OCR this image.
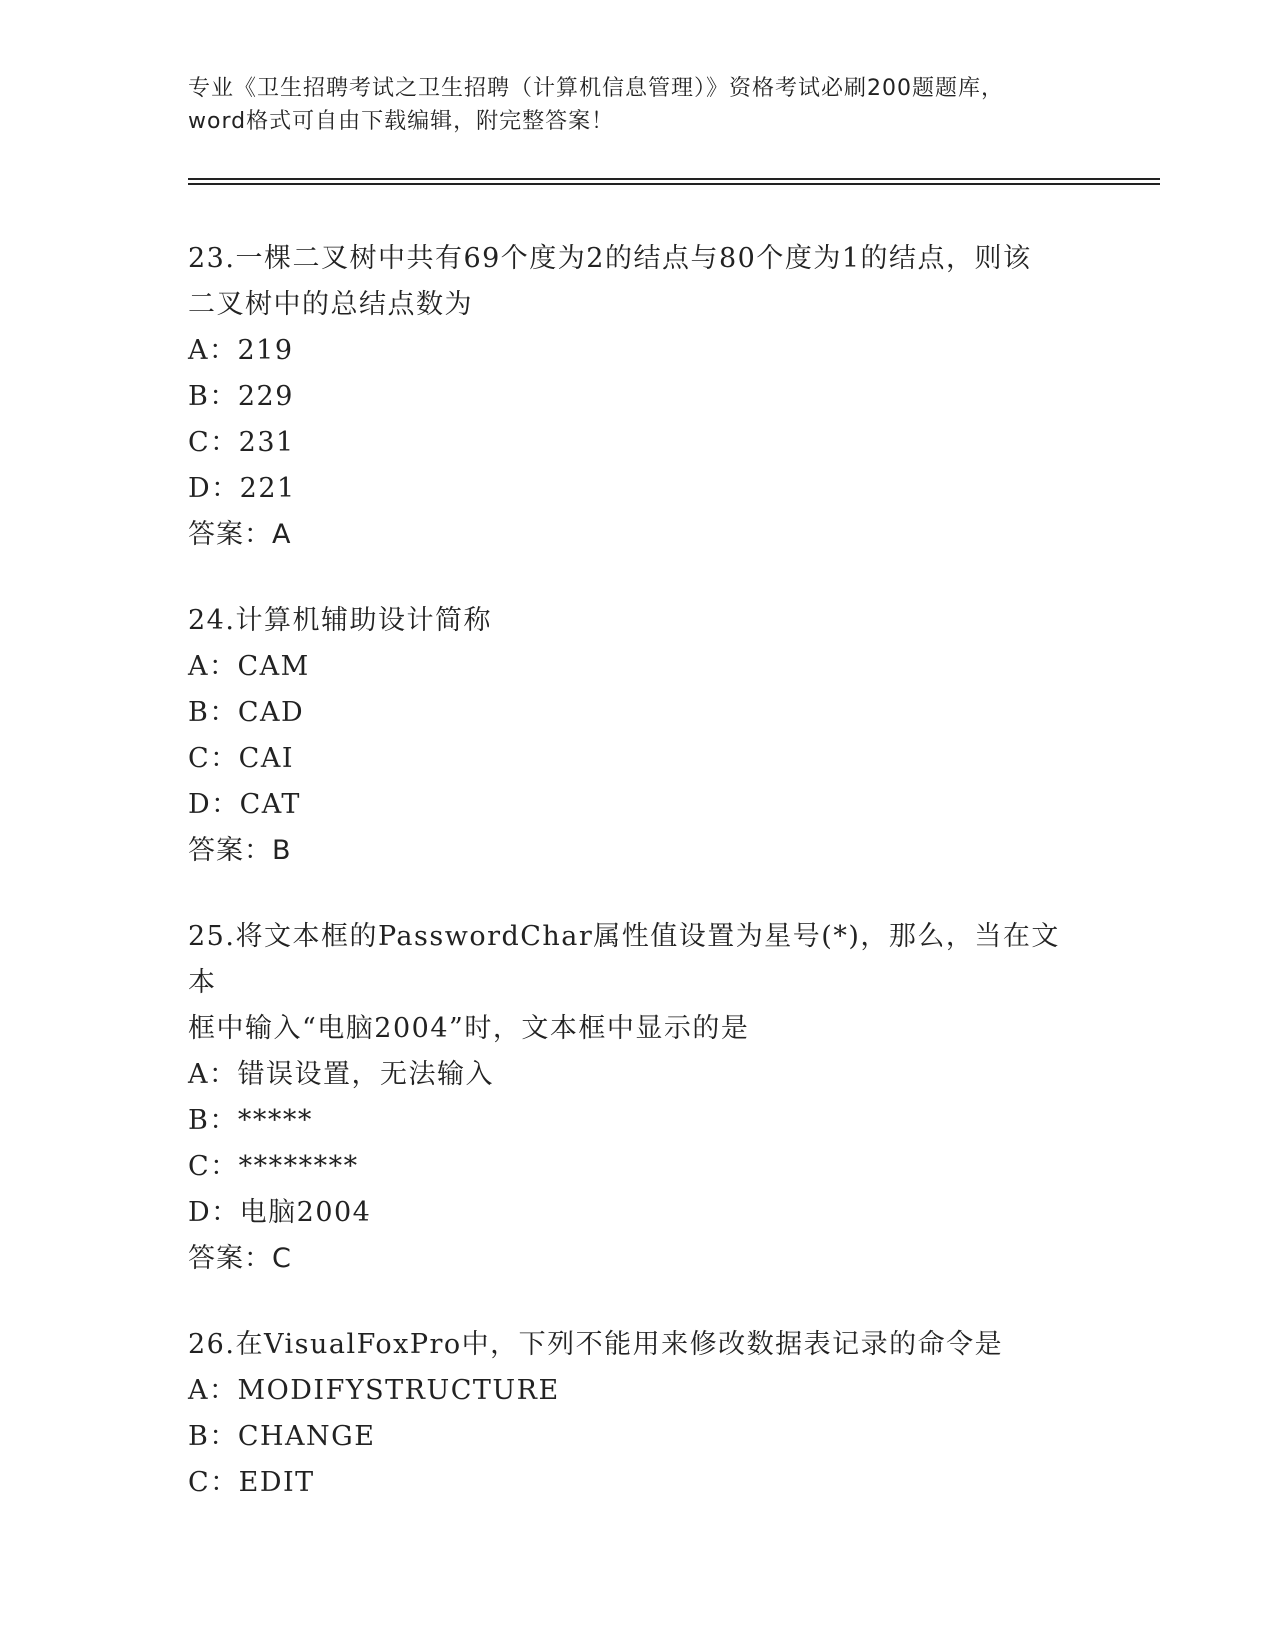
专业《卫生招聘考试之卫生招聘（计算机信息管理）》资格考试必刷200题题库，
word格式可自由下载编辑，附完整答案！
23.一棵二叉树中共有69个度为2的结点与80个度为1的结点，则该
二叉树中的总结点数为
A：219
B：229
C：231
D：221
答案：A
24.计算机辅助设计简称
A：CAM
B：CAD
C：CAI
D：CAT
答案：B
25.将文本框的PasswordChar属性值设置为星号(*)，那么，当在文本
框中输入“电脑2004”时，文本框中显示的是
A：错误设置，无法输入
B：*****
C：********
D：电脑2004
答案：C
26.在VisualFoxPro中，下列不能用来修改数据表记录的命令是
A：MODIFYSTRUCTURE
B：CHANGE
C：EDIT
